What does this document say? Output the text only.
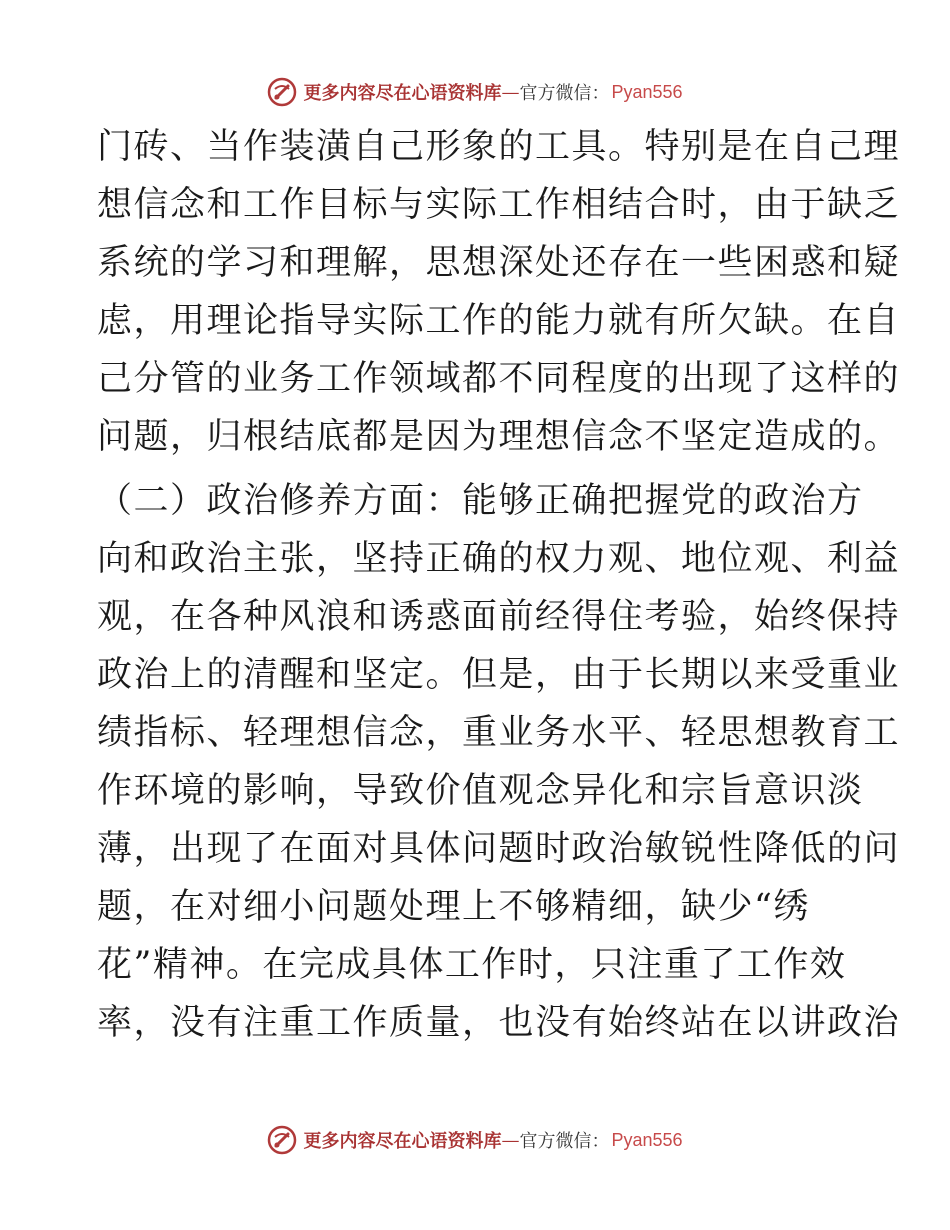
更多内容尽在心语资料库 — 官方微信： Pyan556
门砖、当作装潢自己形象的工具。特别是在自己理
想信念和工作目标与实际工作相结合时，由于缺乏
系统的学习和理解，思想深处还存在一些困惑和疑
虑，用理论指导实际工作的能力就有所欠缺。在自
己分管的业务工作领域都不同程度的出现了这样的
问题，归根结底都是因为理想信念不坚定造成的。
（二）政治修养方面：能够正确把握党的政治方
向和政治主张，坚持正确的权力观、地位观、利益
观，在各种风浪和诱惑面前经得住考验，始终保持
政治上的清醒和坚定。但是，由于长期以来受重业
绩指标、轻理想信念，重业务水平、轻思想教育工
作环境的影响，导致价值观念异化和宗旨意识淡
薄，出现了在面对具体问题时政治敏锐性降低的问
题，在对细小问题处理上不够精细，缺少“绣
花”精神。在完成具体工作时，只注重了工作效
率，没有注重工作质量，也没有始终站在以讲政治
更多内容尽在心语资料库 — 官方微信： Pyan556
